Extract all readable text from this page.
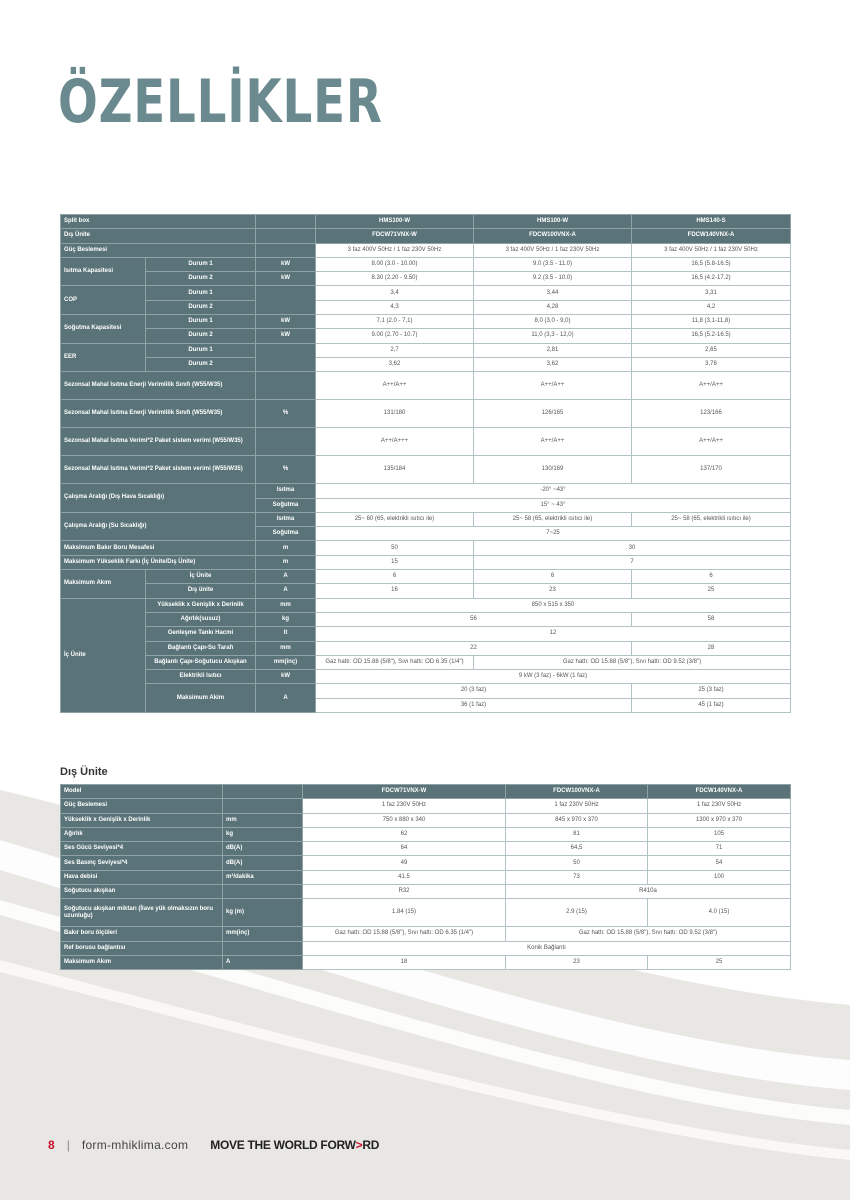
ÖZELLİKLER
Split box			HMS100-W	HMS100-W	HMS140-S
Dış Ünite			FDCW71VNX-W	FDCW100VNX-A	FDCW140VNX-A
Güç Beslemesi			3 faz 400V 50Hz / 1 faz 230V 50Hz	3 faz 400V 50Hz / 1 faz 230V 50Hz	3 faz 400V 50Hz / 1 faz 230V 50Hz
Isıtma Kapasitesi	Durum 1	kW	8.00 (3.0 - 10.00)	9.0 (3.5 - 11.0)	16,5 (5.8-16.5)
	Durum 2	kW	8.30 (2.20 - 9.50)	9.2 (3.5 - 10.0)	16,5 (4.2-17.2)
COP	Durum 1		3,4	3,44	3,31
	Durum 2		4,3	4,28	4,2
Soğutma Kapasitesi	Durum 1	kW	7,1 (2.0 - 7,1)	8,0 (3,0 - 9,0)	11,8 (3,1-11,8)
	Durum 2	kW	9.00 (2.70 - 10.7)	11,0 (3,3 - 12,0)	16,5 (5.2-16.5)
EER	Durum 1		2,7	2,81	2,65
	Durum 2		3,62	3,62	3,78
Sezonsal Mahal Isıtma Enerji Verimlilik Sınıfı (W55/W35)			A++/A++	A++/A++	A++/A++
Sezonsal Mahal Isıtma Enerji Verimlilik Sınıfı (W55/W35)		%	131/180	126/165	123/166
Sezonsal Mahal Isıtma Verimi*2 Paket sistem verimi (W55/W35)			A++/A+++	A++/A++	A++/A++
Sezonsal Mahal Isıtma Verimi*2 Paket sistem verimi (W55/W35)		%	135/184	130/169	137/170
Çalışma Aralığı (Dış Hava Sıcaklığı)		Isıtma	-20° ~43°		
		Soğutma	15° ~ 43°		
Çalışma Aralığı (Su Sıcaklığı)		Isıtma	25~ 60 (65, elektrikli ısıtıcı ile)	25~ 58 (65, elektrikli ısıtıcı ile)	25~ 58 (65, elektrikli ısıtıcı ile)
		Soğutma	7~25		
Maksimum Bakır Boru Mesafesi		m	50	30	
Maksimum Yükseklik Farkı (İç Ünite/Dış Ünite)		m	15	7	
Maksimum Akım	İç Ünite	A	6	6	6
	Dış ünite	A	16	23	25
İç Ünite	Yükseklik x Genişlik x Derinlik	mm	850 x 515 x 350		
	Ağırlık(susuz)	kg	56		58
	Genleşme Tankı Hacmi	lt	12		
	Bağlantı Çapı-Su Tarafı	mm	22		28
	Bağlantı Çapı-Soğutucu Akışkan	mm(inç)	Gaz hattı: OD 15.88 (5/8"), Sıvı hattı: OD 6.35 (1/4")	Gaz hattı: OD 15.88 (5/8"), Sıvı hattı: OD 9.52 (3/8")	
	Elektrikli Isıtıcı	kW	9 kW (3 faz) - 6kW (1 faz)		
	Maksimum Akim	A	20 (3 faz)		25 (3 faz)
			36 (1 faz)		45 (1 faz)
Dış Ünite
Model		FDCW71VNX-W	FDCW100VNX-A	FDCW140VNX-A
Güç Beslemesi		1 faz 230V 50Hz	1 faz 230V 50Hz	1 faz 230V 50Hz
Yükseklik x Genişlik x Derinlik	mm	750 x 880 x 340	845 x 970 x 370	1300 x 970 x 370
Ağırlık	kg	62	81	105
Ses Gücü Seviyesi*4	dB(A)	64	64,5	71
Ses Basınç Seviyesi*4	dB(A)	49	50	54
Hava debisi	m³/dakika	41.5	73	100
Soğutucu akışkan		R32	R410a	
Soğutucu akışkan miktarı (İlave yük olmaksızın boru uzunluğu)	kg (m)	1.84 (15)	2.9 (15)	4.0 (15)
Bakır boru ölçüleri	mm(inç)	Gaz hattı: OD 15.88 (5/8"), Sıvı hattı: OD 6.35 (1/4")	Gaz hattı: OD 15.88 (5/8"), Sıvı hattı: OD 9.52 (3/8")	
Ref borusu bağlantısı		Konik Bağlantı		
Maksimum Akım	A	18	23	25
8 | form-mhiklima.com MOVE THE WORLD FORW>RD
